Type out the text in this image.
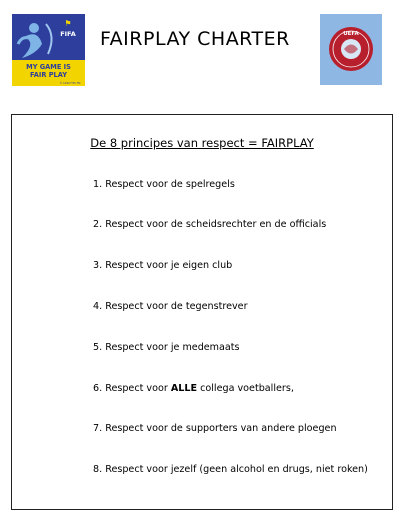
⚑
FIFA
MY GAME IS
FAIR PLAY
© 1990 FIFA TM
FAIRPLAY CHARTER	UEFA
De 8 principes van respect = FAIRPLAY
1. Respect voor de spelregels
2. Respect voor de scheidsrechter en de officials
3. Respect voor je eigen club
4. Respect voor de tegenstrever
5. Respect voor je medemaats
6. Respect voor ALLE collega voetballers,
7. Respect voor de supporters van andere ploegen
8. Respect voor jezelf (geen alcohol en drugs, niet roken)
